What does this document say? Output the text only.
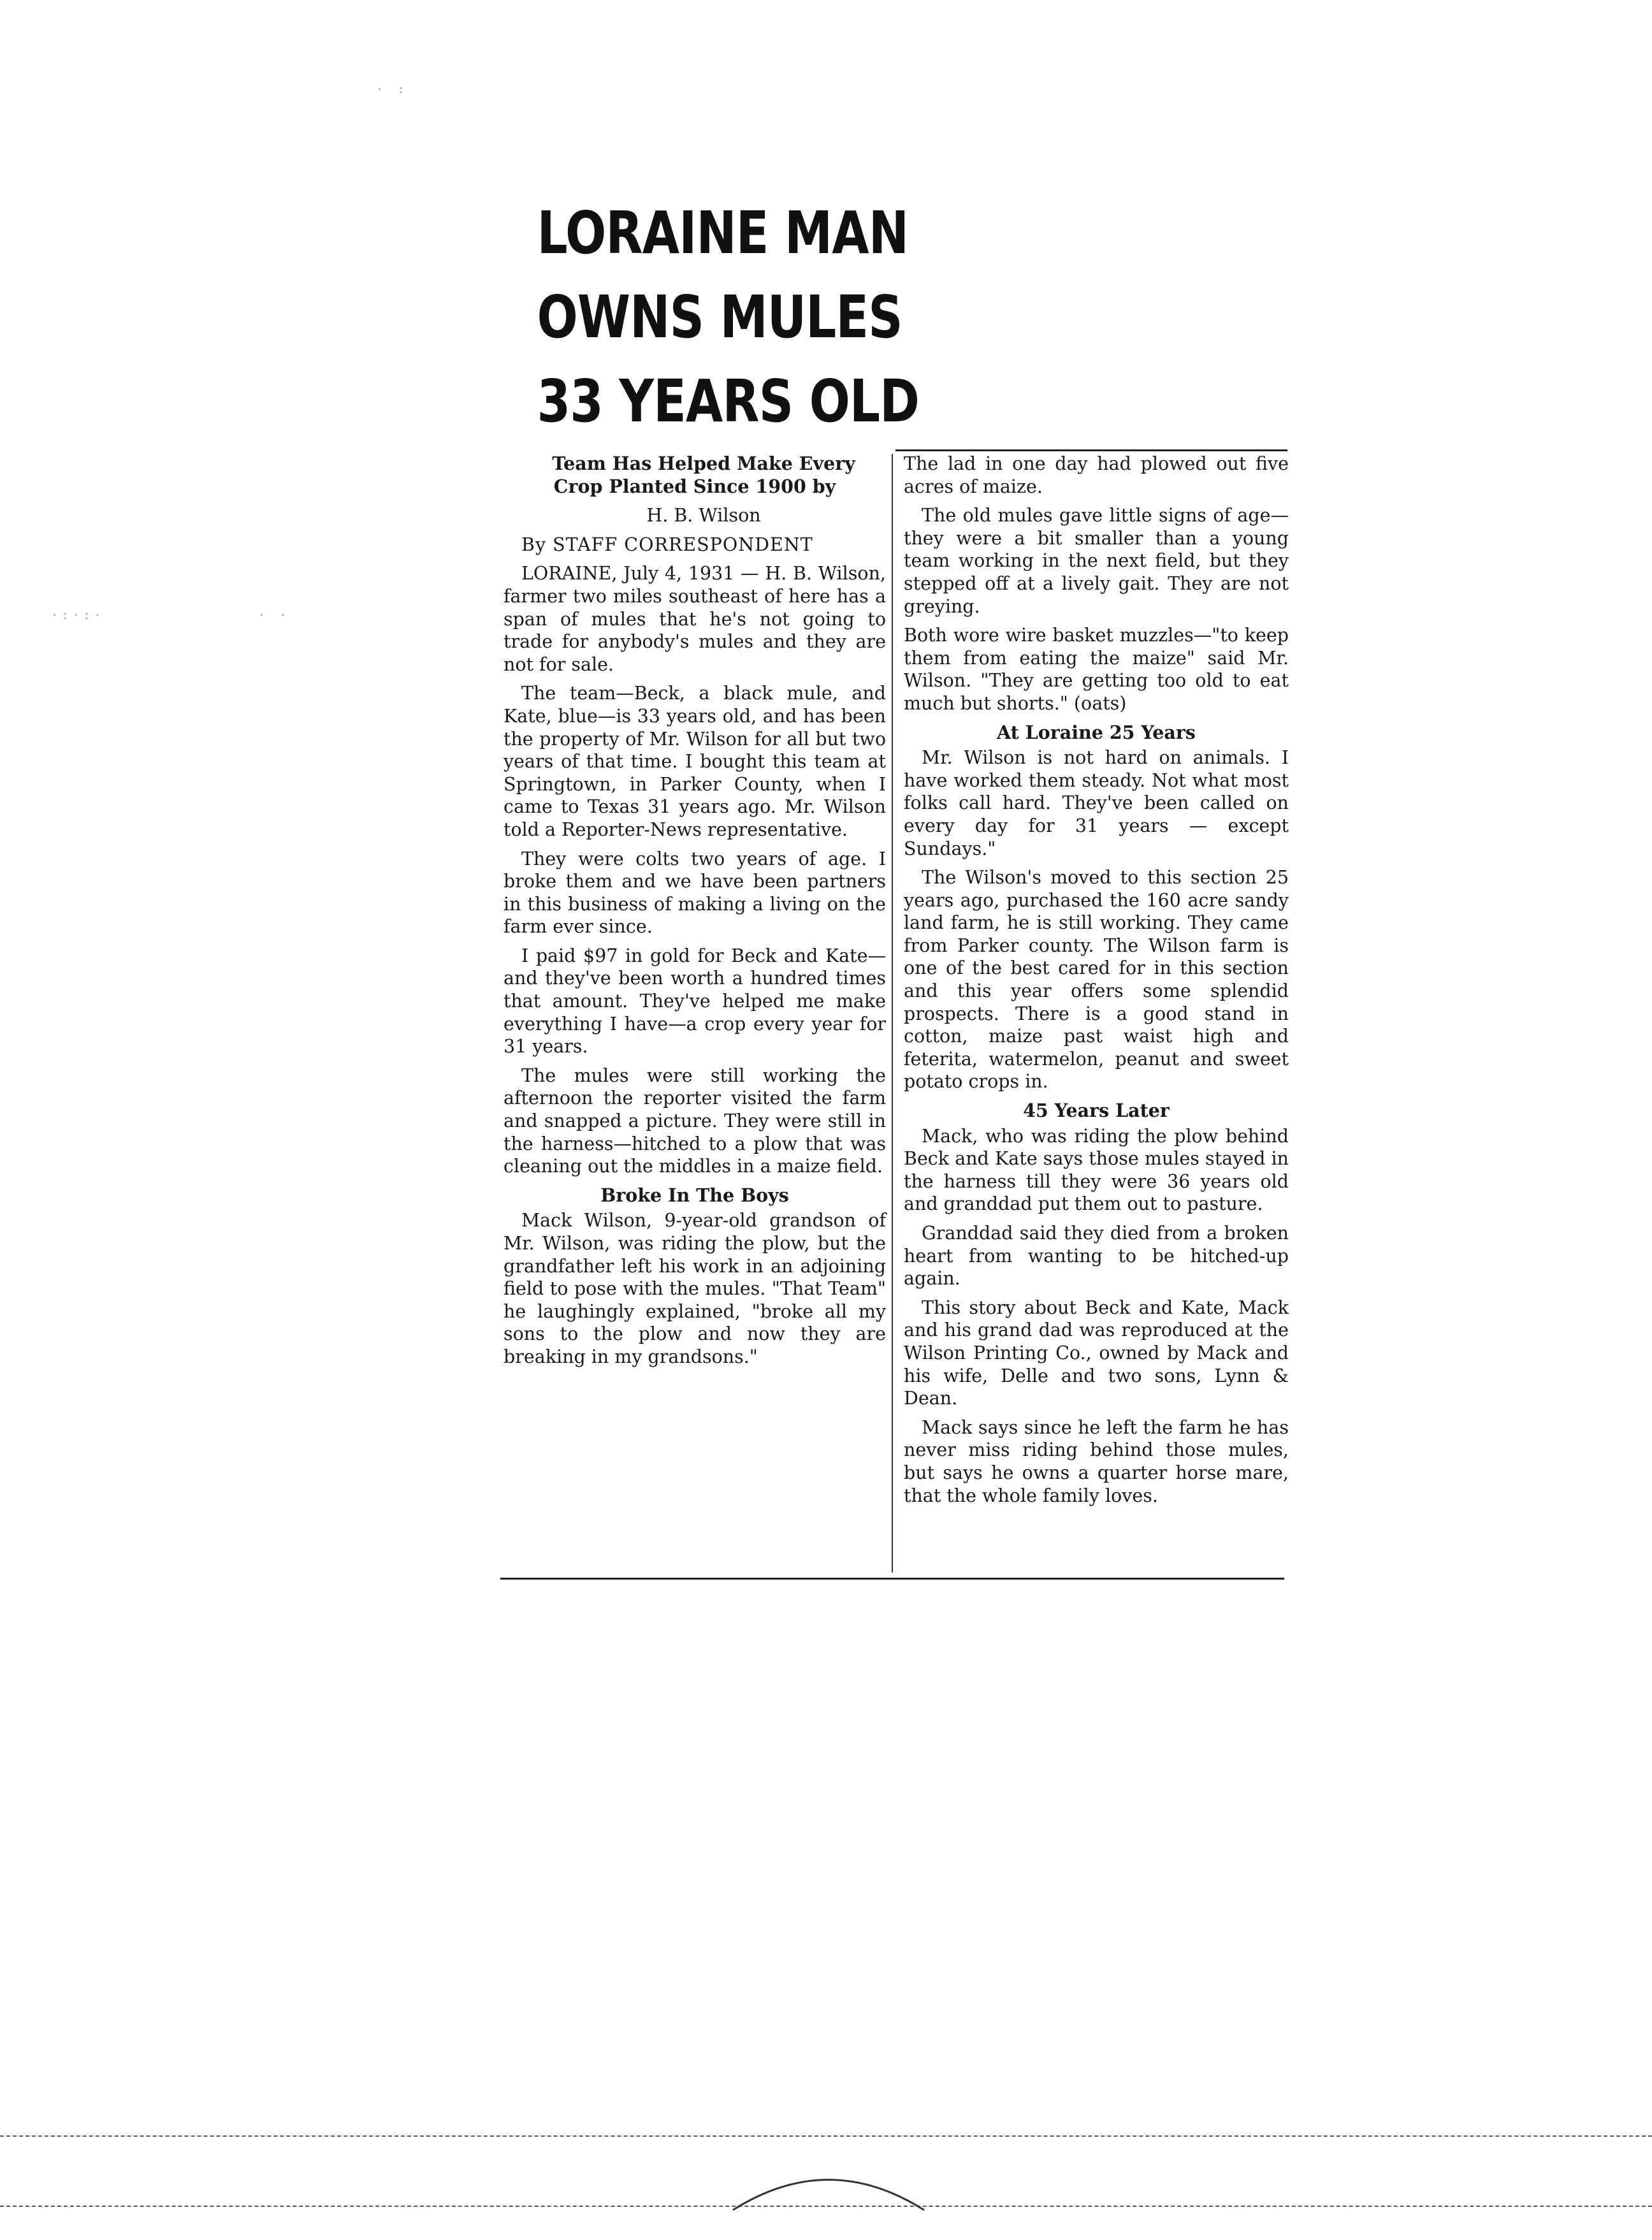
·:·:·	· ·
· :
LORAINE MAN
OWNS MULES
33 YEARS OLD

Team Has Helped Make Every Crop Planted Since 1900 by

H. B. Wilson

By STAFF CORRESPONDENT

LORAINE, July 4, 1931 — H. B. Wilson, farmer two miles southeast of here has a span of mules that he's not going to trade for anybody's mules and they are not for sale.

The team—Beck, a black mule, and Kate, blue—is 33 years old, and has been the property of Mr. Wilson for all but two years of that time. I bought this team at Springtown, in Parker County, when I came to Texas 31 years ago. Mr. Wilson told a Reporter-News representative.

They were colts two years of age. I broke them and we have been partners in this business of making a living on the farm ever since.

I paid $97 in gold for Beck and Kate—and they've been worth a hundred times that amount. They've helped me make everything I have—a crop every year for 31 years.

The mules were still working the afternoon the reporter visited the farm and snapped a picture. They were still in the harness—hitched to a plow that was cleaning out the middles in a maize field.

Broke In The Boys

Mack Wilson, 9-year-old grandson of Mr. Wilson, was riding the plow, but the grandfather left his work in an adjoining field to pose with the mules. "That Team" he laughingly explained, "broke all my sons to the plow and now they are breaking in my grandsons."

The lad in one day had plowed out five acres of maize.

The old mules gave little signs of age—they were a bit smaller than a young team working in the next field, but they stepped off at a lively gait. They are not greying.

Both wore wire basket muzzles—"to keep them from eating the maize" said Mr. Wilson. "They are getting too old to eat much but shorts." (oats)

At Loraine 25 Years

Mr. Wilson is not hard on animals. I have worked them steady. Not what most folks call hard. They've been called on every day for 31 years — except Sundays."

The Wilson's moved to this section 25 years ago, purchased the 160 acre sandy land farm, he is still working. They came from Parker county. The Wilson farm is one of the best cared for in this section and this year offers some splendid prospects. There is a good stand in cotton, maize past waist high and feterita, watermelon, peanut and sweet potato crops in.

45 Years Later

Mack, who was riding the plow behind Beck and Kate says those mules stayed in the harness till they were 36 years old and granddad put them out to pasture.

Granddad said they died from a broken heart from wanting to be hitched-up again.

This story about Beck and Kate, Mack and his grand dad was reproduced at the Wilson Printing Co., owned by Mack and his wife, Delle and two sons, Lynn & Dean.

Mack says since he left the farm he has never miss riding behind those mules, but says he owns a quarter horse mare, that the whole family loves.
